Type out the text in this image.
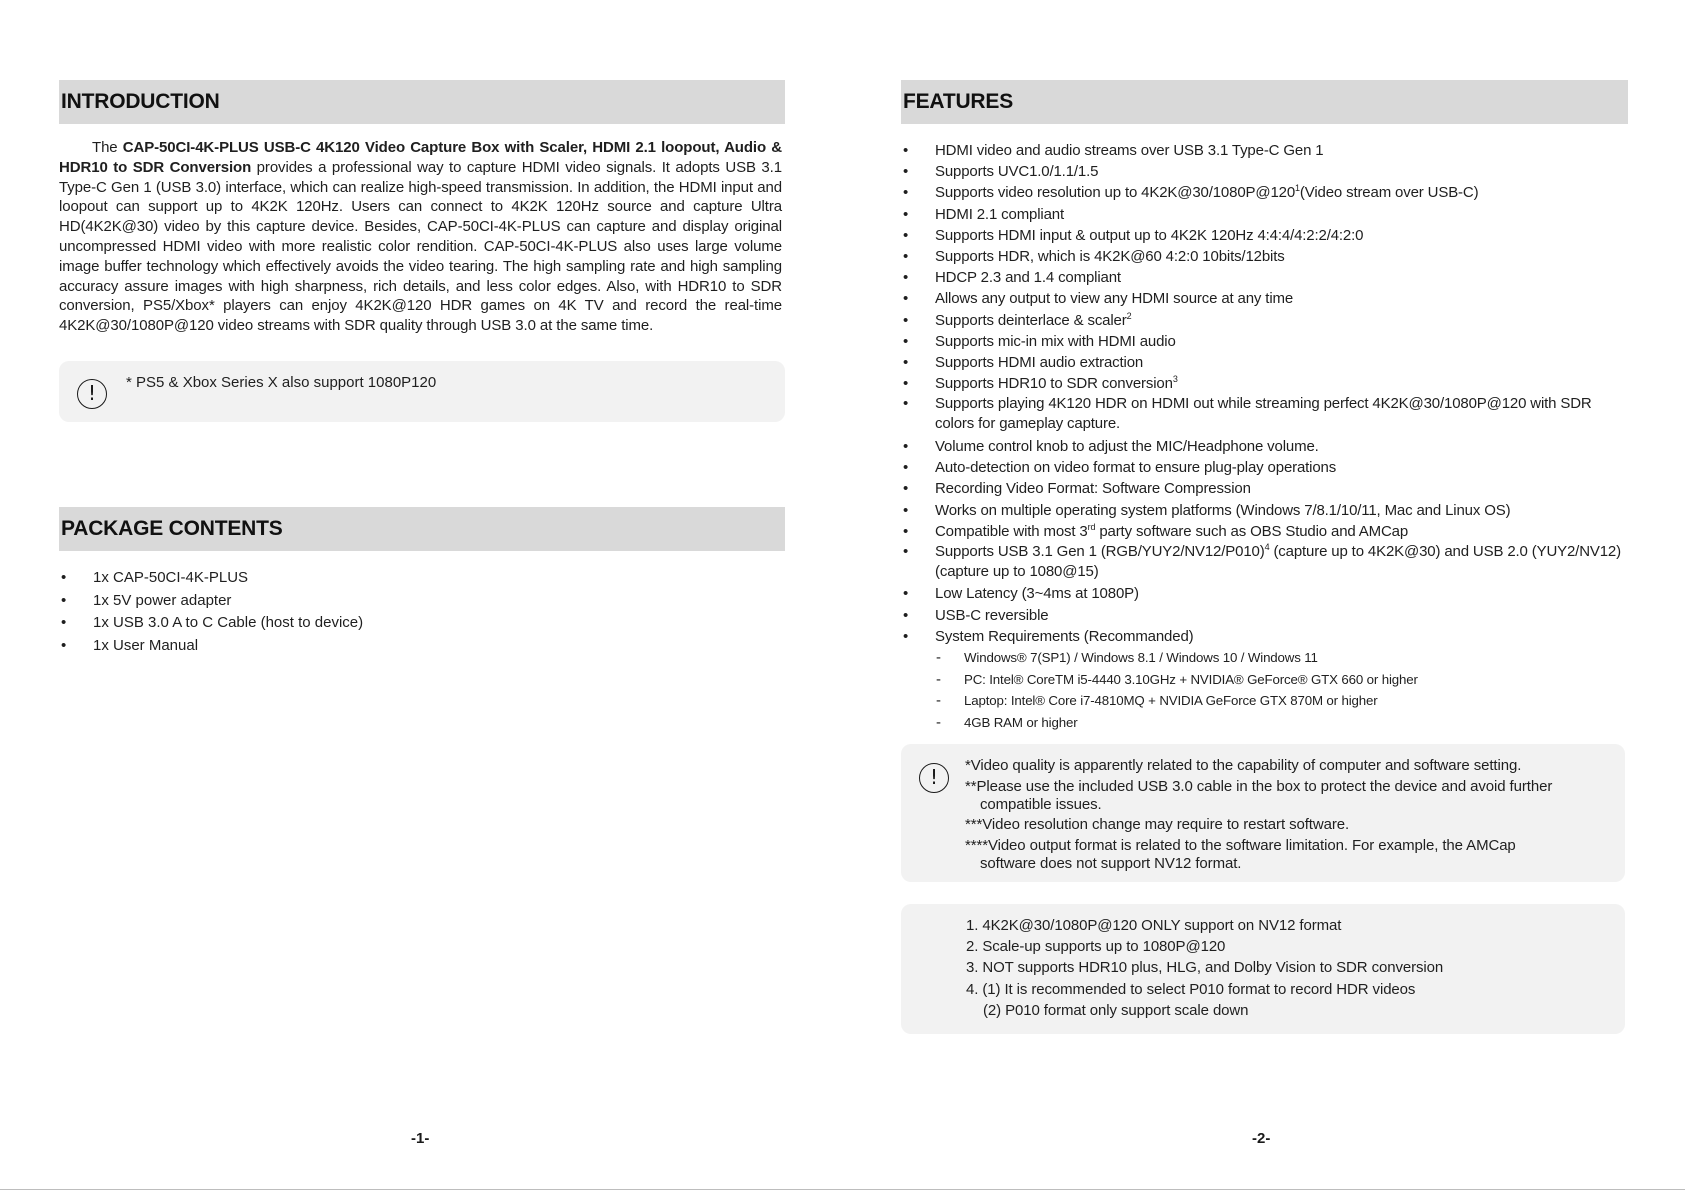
INTRODUCTION

The CAP-50CI-4K-PLUS USB-C 4K120 Video Capture Box with Scaler, HDMI 2.1 loopout, Audio & HDR10 to SDR Conversion provides a professional way to capture HDMI video signals. It adopts USB 3.1 Type-C Gen 1 (USB 3.0) interface, which can realize high-speed transmission. In addition, the HDMI input and loopout can support up to 4K2K 120Hz. Users can connect to 4K2K 120Hz source and capture Ultra HD(4K2K@30) video by this capture device. Besides, CAP-50CI-4K-PLUS can capture and display original uncompressed HDMI video with more realistic color rendition. CAP-50CI-4K-PLUS also uses large volume image buffer technology which effectively avoids the video tearing. The high sampling rate and high sampling accuracy assure images with high sharpness, rich details, and less color edges. Also, with HDR10 to SDR conversion, PS5/Xbox* players can enjoy 4K2K@120 HDR games on 4K TV and record the real-time 4K2K@30/1080P@120 video streams with SDR quality through USB 3.0 at the same time.

!	* PS5 & Xbox Series X also support 1080P120
PACKAGE CONTENTS
• 1x CAP-50CI-4K-PLUS
• 1x 5V power adapter
• 1x USB 3.0 A to C Cable (host to device)
• 1x User Manual
-1-
FEATURES
• HDMI video and audio streams over USB 3.1 Type-C Gen 1
• Supports UVC1.0/1.1/1.5
• Supports video resolution up to $4K2K@30/1080P@120^1(Video$ stream over USB-C)
• HDMI 2.1 compliant
• Supports HDMI input & output up to 4K2K 120Hz 4:4:4/4:2:2/4:2:0
• Supports HDR, which is 4K2K@60 4:2:0 10bits/12bits
• HDCP 2.3 and 1.4 compliant
• Allows any output to view any HDMI source at any time
• Supports deinterlace & scaler$^2$
• Supports mic-in mix with HDMI audio
• Supports HDMI audio extraction
• Supports HDR10 to SDR conversion$^3$
• Supports playing 4K120 HDR on HDMI out while streaming perfect 4K2K@30/1080P@120 with SDR colors for gameplay capture.
• Volume control knob to adjust the MIC/Headphone volume.
• Auto-detection on video format to ensure plug-play operations
• Recording Video Format: Software Compression
• Works on multiple operating system platforms (Windows 7/8.1/10/11, Mac and Linux OS)
• Compatible with most 3rd party software such as OBS Studio and AMCap
• Supports USB 3.1 Gen 1 $(RGB/YUY2/NV12/P010)^4$ (capture up to 4K2K@30) and USB 2.0 (YUY2/NV12) (capture up to 1080@15)
• Low Latency (3~4ms at 1080P)
• USB-C reversible
• System Requirements (Recommanded)
- Windows® 7(SP1) / Windows 8.1 / Windows 10 / Windows 11
- PC: Intel® CoreTM i5-4440 3.10GHz + NVIDIA® GeForce® GTX 660 or higher
- Laptop: Intel® Core i7-4810MQ + NVIDIA GeForce GTX 870M or higher
- 4GB RAM or higher
!	*Video quality is apparently related to the capability of computer and software setting.
**Please use the included USB 3.0 cable in the box to protect the device and avoid further
compatible issues.
***Video resolution change may require to restart software.
****Video output format is related to the software limitation. For example, the AMCap
software does not support NV12 format.
1. 4K2K@30/1080P@120 ONLY support on NV12 format
2. Scale-up supports up to 1080P@120
3. NOT supports HDR10 plus, HLG, and Dolby Vision to SDR conversion
4. (1) It is recommended to select P010 format to record HDR videos
(2) P010 format only support scale down
-2-
